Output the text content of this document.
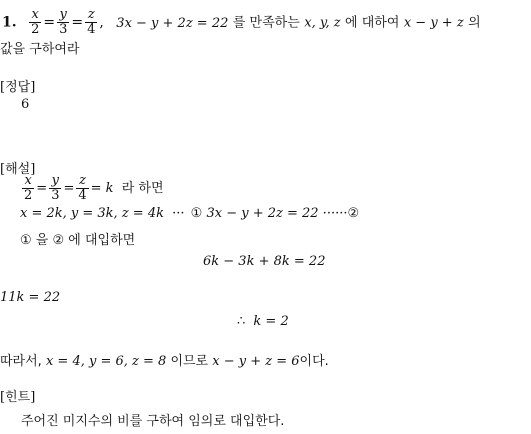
1. $\frac{x}{2} = \frac{y}{3} = \frac{z}{4}$ , 3x − y + 2z = 22 를 만족하는 x, y, z 에 대하여 x − y + z 의
값을 구하여라
[정답]
6
[해설]
$\frac{x}{2} = \frac{y}{3} = \frac{z}{4} = k$ 라 하면
x = 2k, y = 3k, z = 4k ··· ① 3x − y + 2z = 22 ······②
① 을 ② 에 대입하면
6k − 3k + 8k = 22
11k = 22
∴ k = 2
따라서, x = 4, y = 6, z = 8 이므로 x − y + z = 6이다.
[힌트]
주어진 미지수의 비를 구하여 임의로 대입한다.
